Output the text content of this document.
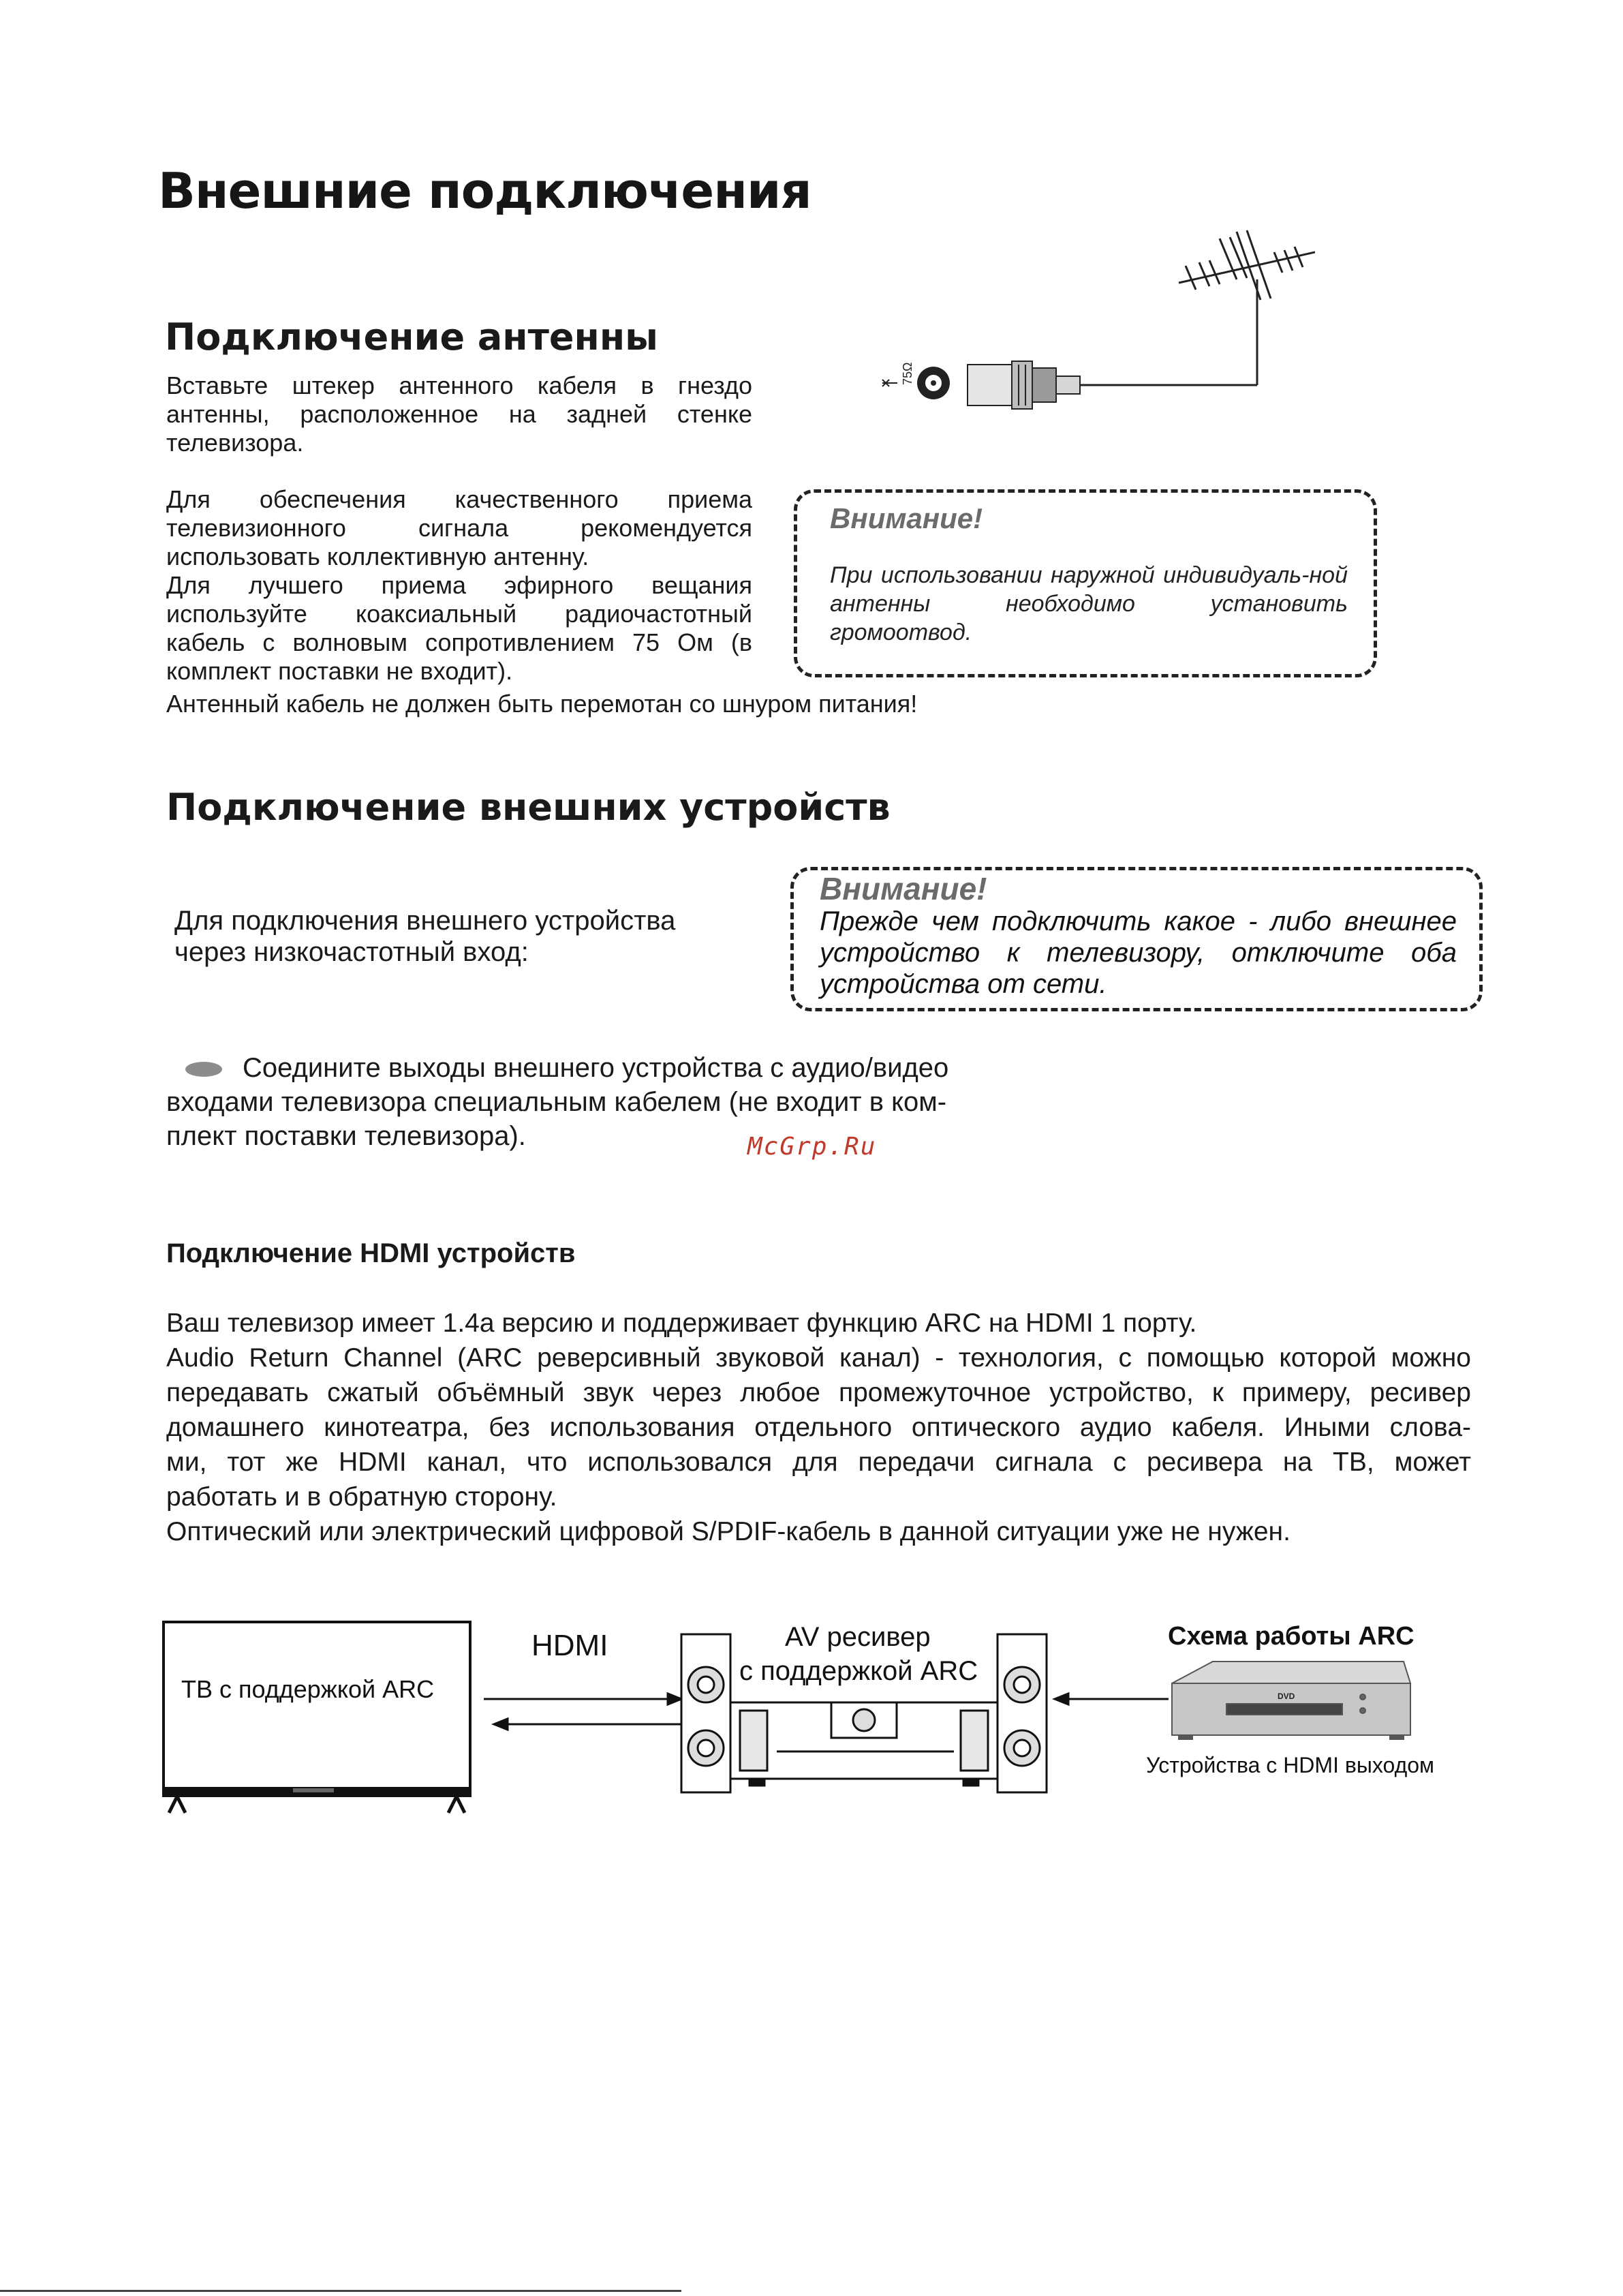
Внешние подключения
Подключение антенны

Вставьте штекер антенного кабеля в гнездо антенны, расположенное на задней стенке телевизора.

Для обеспечения качественного приема телевизионного сигнала рекомендуется использовать коллективную антенну.

Для лучшего приема эфирного вещания используйте коаксиальный радиочастотный кабель с волновым сопротивлением 75 Ом (в комплект поставки не входит).

Антенный кабель не должен быть перемотан со шнуром питания!

75Ω

Внимание!

При использовании наружной индивидуаль-ной антенны необходимо установить громоотвод.

Подключение внешних устройств

Для подключения внешнего устройства

через низкочастотный вход:

Внимание!

Прежде чем подключить какое - либо внешнее устройство к телевизору, отключите оба устройства от сети.

Соедините выходы внешнего устройства с аудио/видео

входами телевизора специальным кабелем (не входит в ком-

плект поставки телевизора).	McGrp.Ru
Подключение HDMI устройств
Ваш телевизор имеет 1.4а версию и поддерживает функцию ARC на HDMI 1 порту.
Audio Return Channel (ARC реверсивный звуковой канал) - технология, с помощью которой можно
передавать сжатый объёмный звук через любое промежуточное устройство, к примеру, ресивер
домашнего кинотеатра, без использования отдельного оптического аудио кабеля. Иными слова-
ми, тот же HDMI канал, что использовался для передачи сигнала с ресивера на ТВ, может
работать и в обратную сторону.
Оптический или электрический цифровой S/PDIF-кабель в данной ситуации уже не нужен.
DVD
ТВ с поддержкой ARC
HDMI	AV ресивер
с поддержкой ARC
Схема работы ARC
Устройства с HDMI выходом
